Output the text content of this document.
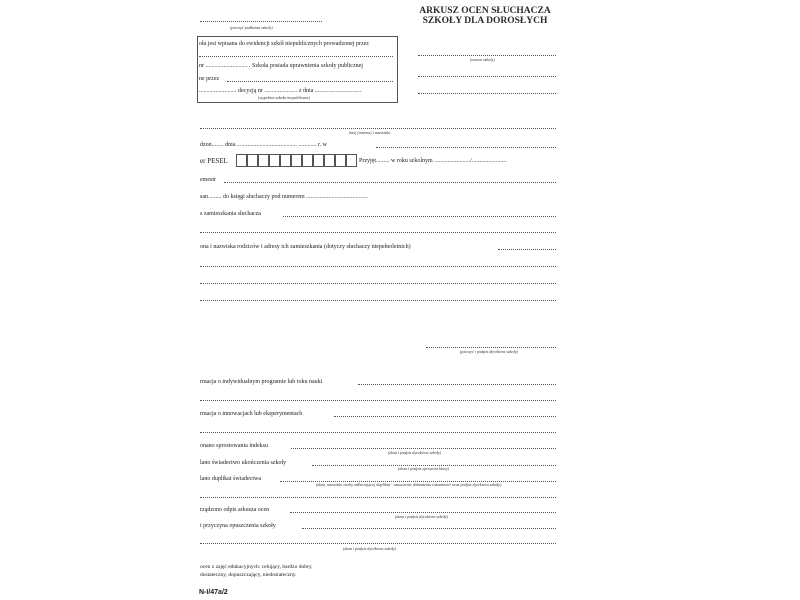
(pieczęć podłużna szkoły)
ARKUSZ OCEN SŁUCHACZA
SZKOŁY DLA DOROSŁYCH
(nazwa szkoły)
oła jest wpisana do ewidencji szkół niepublicznych prowadzonej przez
nr ............................ . Szkoła posiada uprawnienia szkoły publicznej
ne przez
......................... decyzją nr ...................... z dnia ...............................
(wypełnia szkoła niepubliczna)
imię (imiona) i nazwisko
dzon........ dnia ........................................ ............ r. w
er PESEL	Przyjęt......... w roku szkolnym ......................../.......................
emestr
san......... do księgi słuchaczy pod numerem .........................................
s zamieszkania słuchacza
ona i nazwiska rodziców i adresy ich zamieszkania (dotyczy słuchaczy niepełnoletnich)
(pieczęć i podpis dyrektora szkoły)
rmacja o indywidualnym programie lub toku nauki
rmacja o innowacjach lub eksperymentach
onano sprostowania indeksu
(data i podpis dyrektora szkoły)
lano świadectwo ukończenia szkoły
(data i podpis sprawcza klasy)
lano duplikat świadectwa
(data, nazwisko osoby odbierającej duplikat - oznaczenie dokumentu tożsamości oraz podpis dyrektora szkoły)
rządzono odpis arkusza ocen
(data i podpis dyrektora szkoły)
i przyczyna opuszczenia szkoły
(data i podpis dyrektora szkoły)
ocen z zajęć edukacyjnych: celujący, bardzo dobry,
dostateczny, dopuszczający, niedostateczny.
N-I/47a/2
